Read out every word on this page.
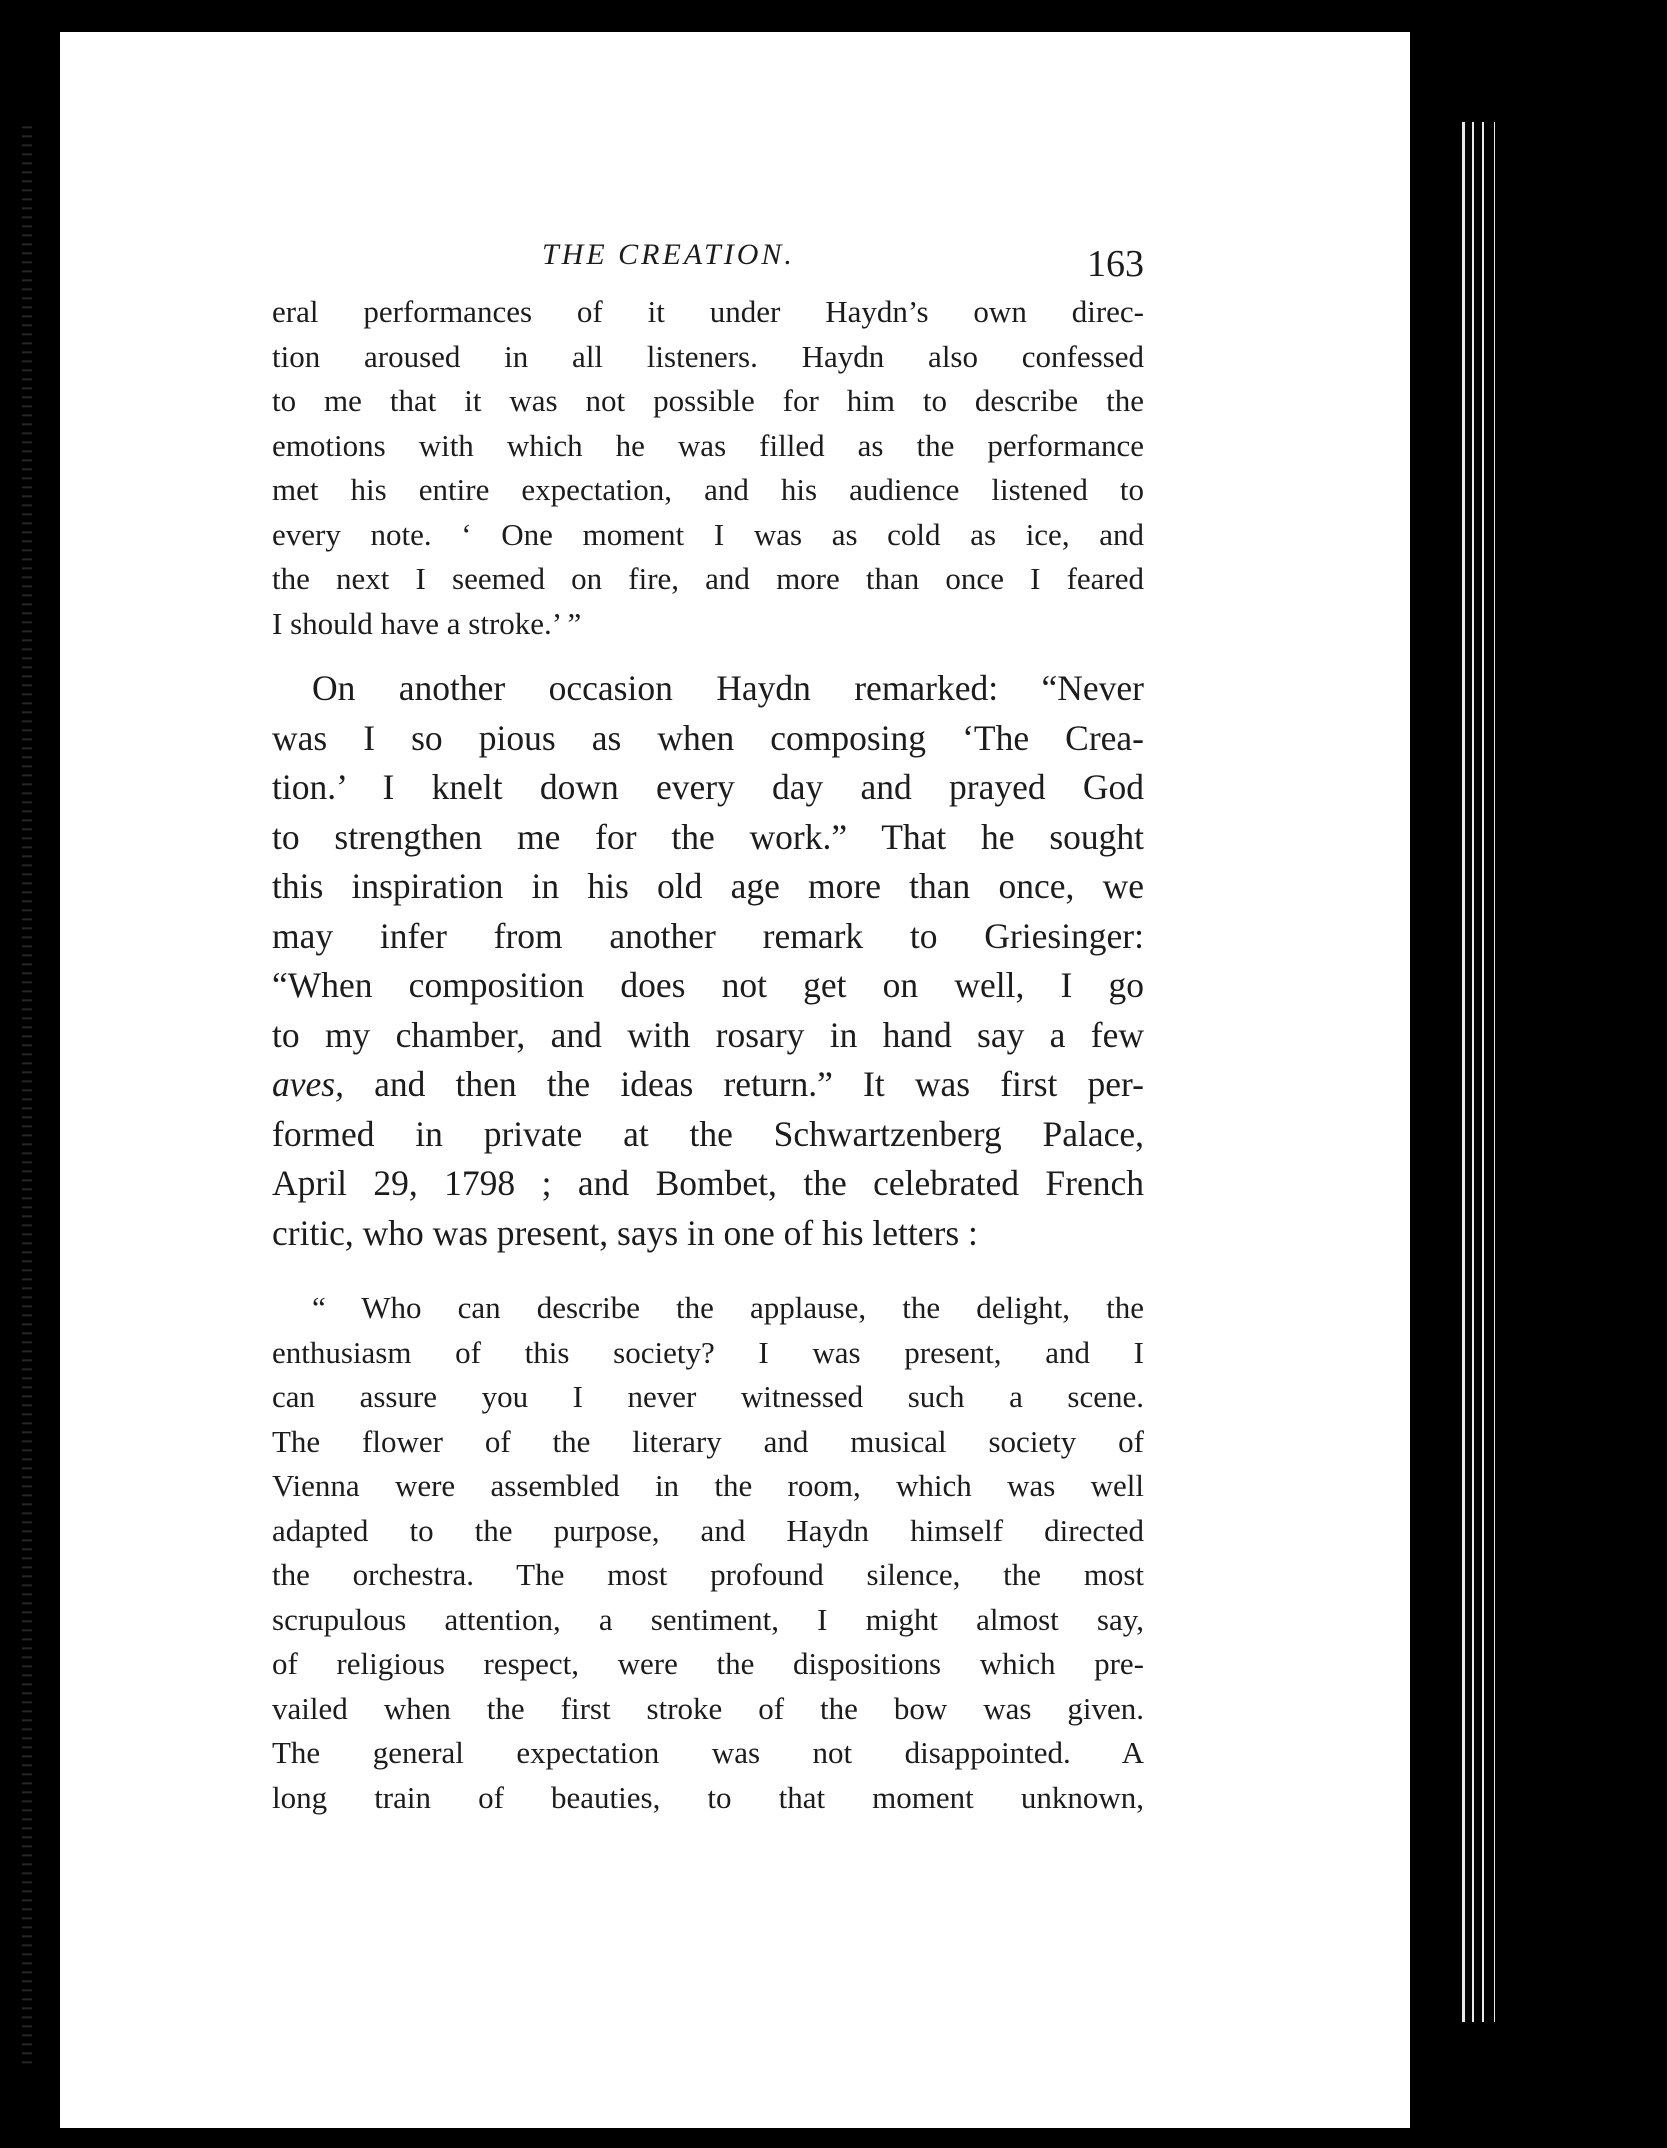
THE CREATION.	163

eral performances of it under Haydn’s own direc-
tion aroused in all listeners. Haydn also confessed
to me that it was not possible for him to describe the
emotions with which he was filled as the performance
met his entire expectation, and his audience listened to
every note. ‘ One moment I was as cold as ice, and
the next I seemed on fire, and more than once I feared
I should have a stroke.’ ”

On another occasion Haydn remarked: “Never
was I so pious as when composing ‘The Crea-
tion.’ I knelt down every day and prayed God
to strengthen me for the work.” That he sought
this inspiration in his old age more than once, we
may infer from another remark to Griesinger:
“When composition does not get on well, I go
to my chamber, and with rosary in hand say a few
aves, and then the ideas return.” It was first per-
formed in private at the Schwartzenberg Palace,
April 29, 1798 ; and Bombet, the celebrated French
critic, who was present, says in one of his letters :

“ Who can describe the applause, the delight, the
enthusiasm of this society? I was present, and I
can assure you I never witnessed such a scene.
The flower of the literary and musical society of
Vienna were assembled in the room, which was well
adapted to the purpose, and Haydn himself directed
the orchestra. The most profound silence, the most
scrupulous attention, a sentiment, I might almost say,
of religious respect, were the dispositions which pre-
vailed when the first stroke of the bow was given.
The general expectation was not disappointed. A
long train of beauties, to that moment unknown,
